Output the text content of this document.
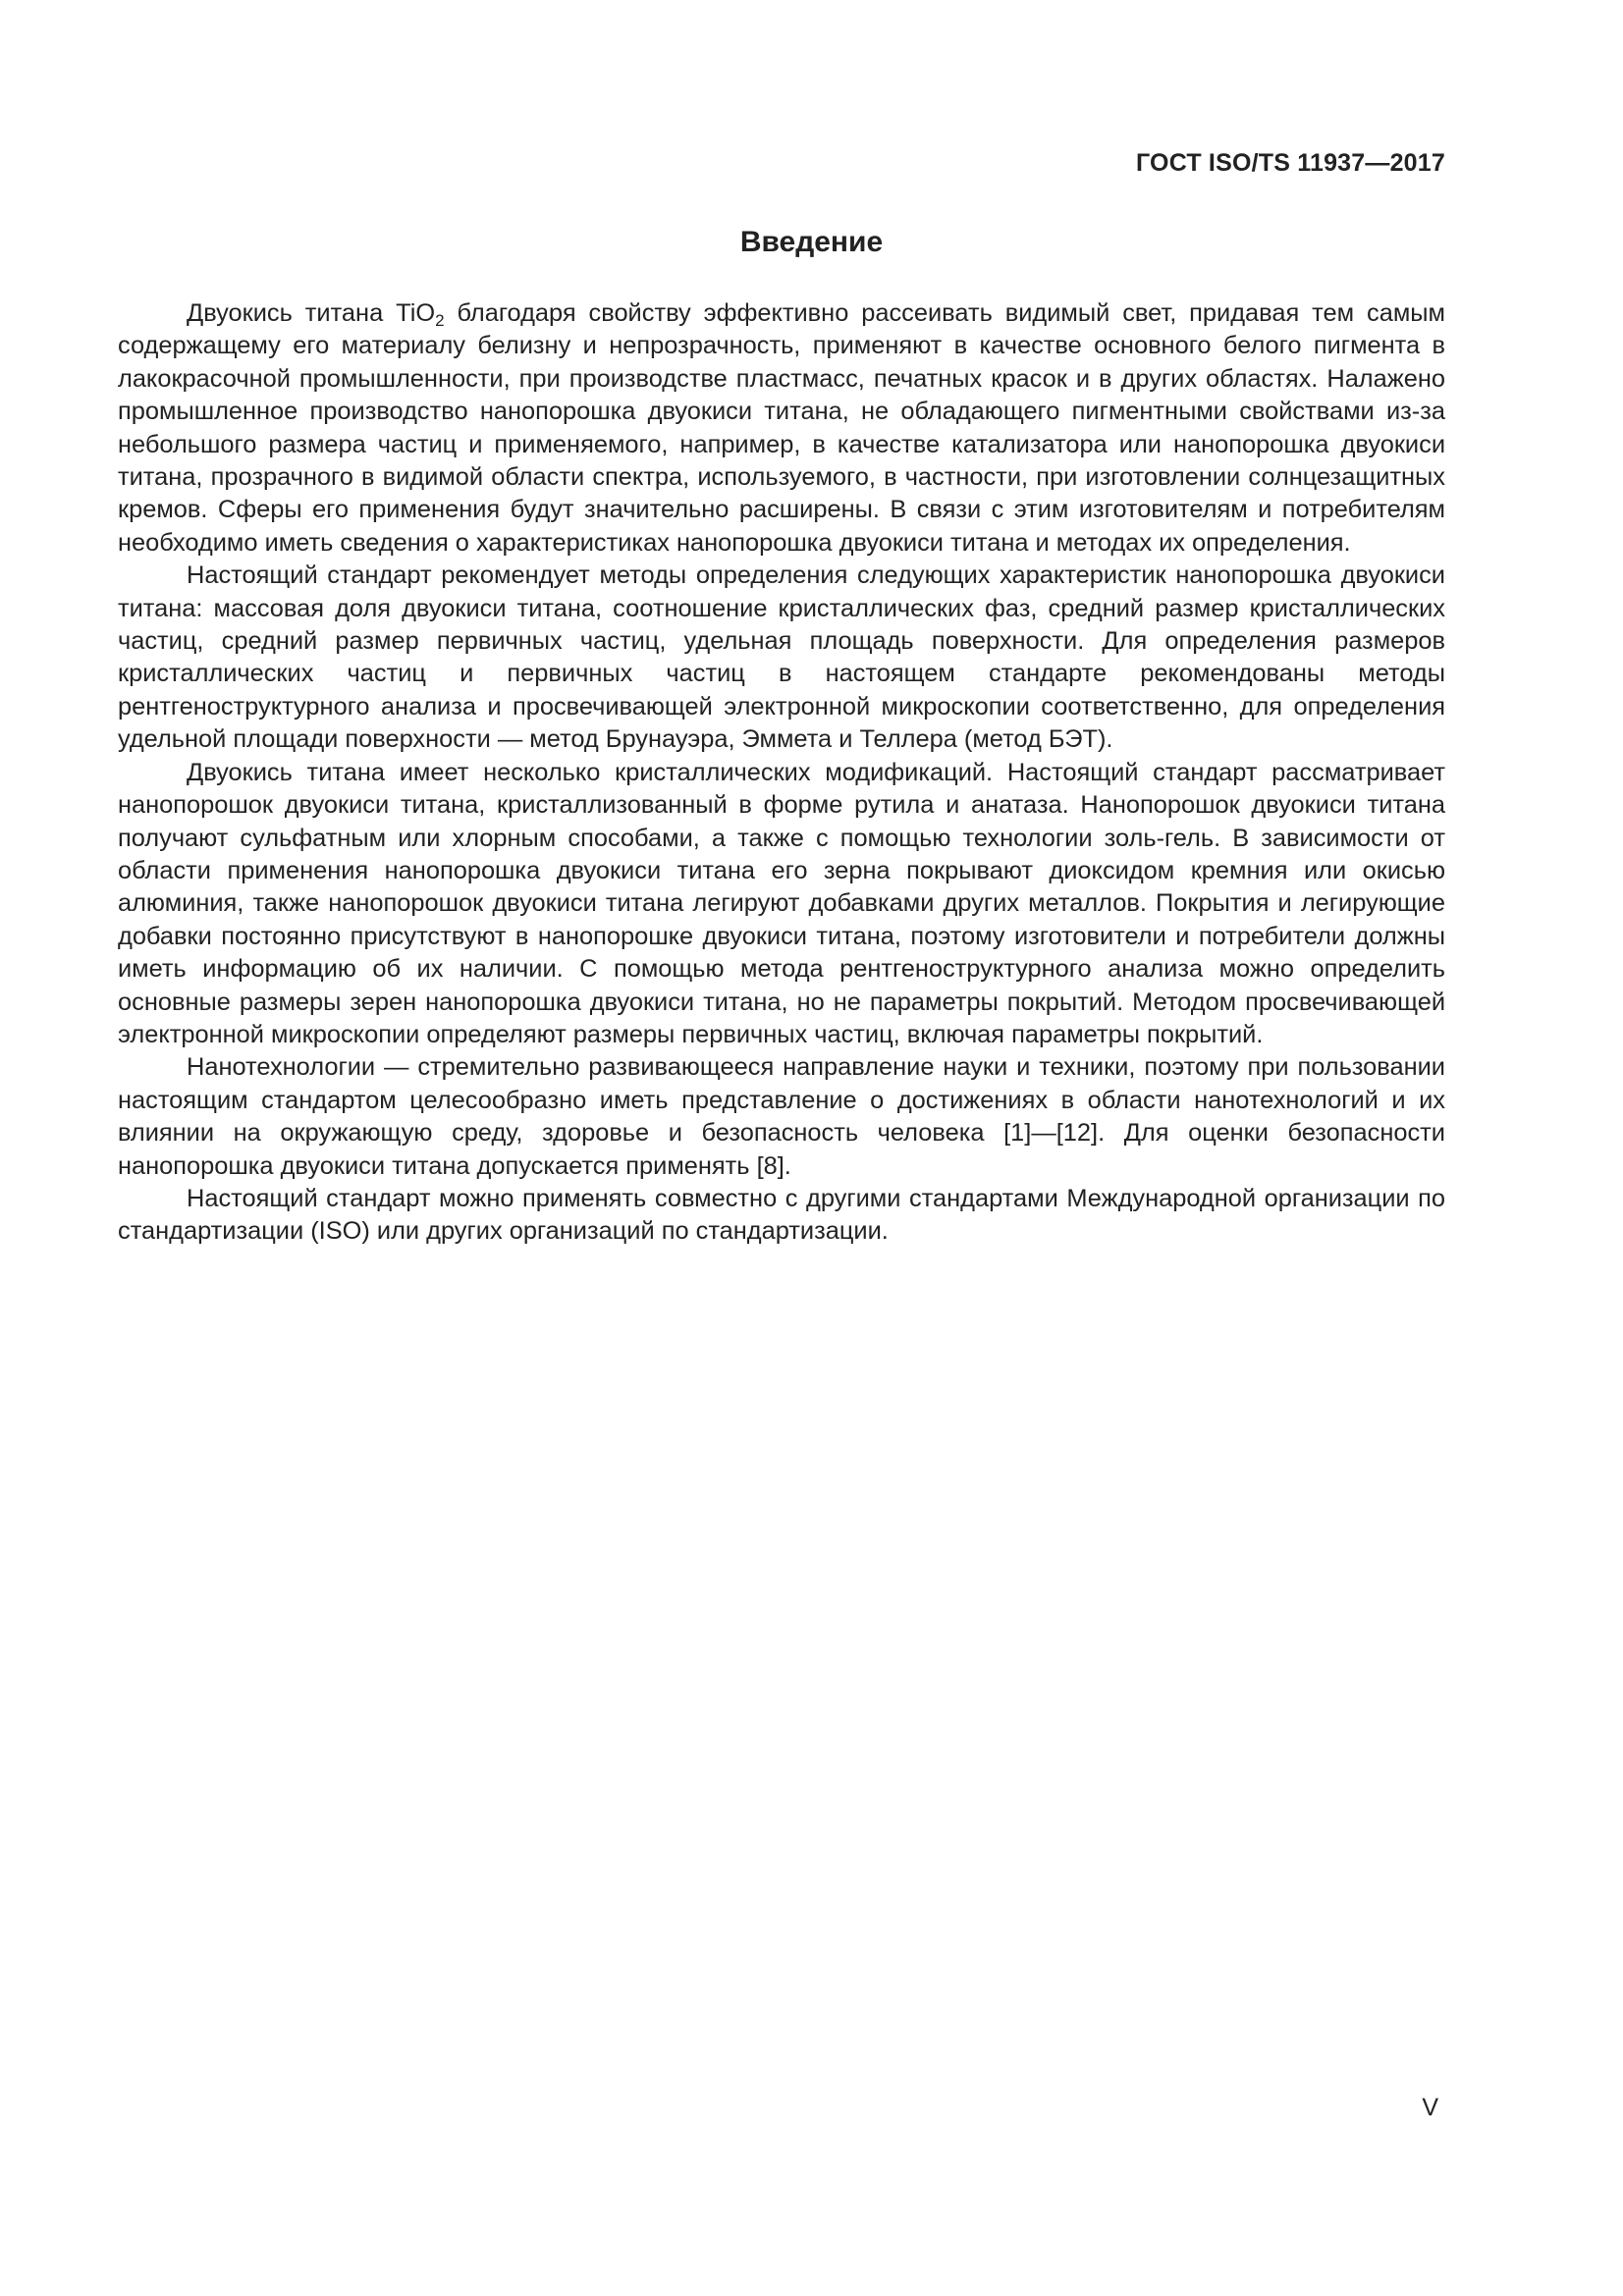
ГОСТ ISO/TS 11937—2017
Введение

Двуокись титана TiO$_2$ благодаря свойству эффективно рассеивать видимый свет, придавая тем самым содержащему его материалу белизну и непрозрачность, применяют в качестве основного белого пигмента в лакокрасочной промышленности, при производстве пластмасс, печатных красок и в других областях. Налажено промышленное производство нанопорошка двуокиси титана, не обладающего пигментными свойствами из-за небольшого размера частиц и применяемого, например, в качестве катализатора или нанопорошка двуокиси титана, прозрачного в видимой области спектра, используемого, в частности, при изготовлении солнцезащитных кремов. Сферы его применения будут значительно расширены. В связи с этим изготовителям и потребителям необходимо иметь сведения о характеристиках нанопорошка двуокиси титана и методах их определения.

Настоящий стандарт рекомендует методы определения следующих характеристик нанопорошка двуокиси титана: массовая доля двуокиси титана, соотношение кристаллических фаз, средний размер кристаллических частиц, средний размер первичных частиц, удельная площадь поверхности. Для определения размеров кристаллических частиц и первичных частиц в настоящем стандарте рекомендованы методы рентгеноструктурного анализа и просвечивающей электронной микроскопии соответственно, для определения удельной площади поверхности — метод Брунауэра, Эммета и Теллера (метод БЭТ).

Двуокись титана имеет несколько кристаллических модификаций. Настоящий стандарт рассматривает нанопорошок двуокиси титана, кристаллизованный в форме рутила и анатаза. Нанопорошок двуокиси титана получают сульфатным или хлорным способами, а также с помощью технологии золь-гель. В зависимости от области применения нанопорошка двуокиси титана его зерна покрывают диоксидом кремния или окисью алюминия, также нанопорошок двуокиси титана легируют добавками других металлов. Покрытия и легирующие добавки постоянно присутствуют в нанопорошке двуокиси титана, поэтому изготовители и потребители должны иметь информацию об их наличии. С помощью метода рентгеноструктурного анализа можно определить основные размеры зерен нанопорошка двуокиси титана, но не параметры покрытий. Методом просвечивающей электронной микроскопии определяют размеры первичных частиц, включая параметры покрытий.

Нанотехнологии — стремительно развивающееся направление науки и техники, поэтому при пользовании настоящим стандартом целесообразно иметь представление о достижениях в области нанотехнологий и их влиянии на окружающую среду, здоровье и безопасность человека [1]—[12]. Для оценки безопасности нанопорошка двуокиси титана допускается применять [8].

Настоящий стандарт можно применять совместно с другими стандартами Международной организации по стандартизации (ISO) или других организаций по стандартизации.

V
